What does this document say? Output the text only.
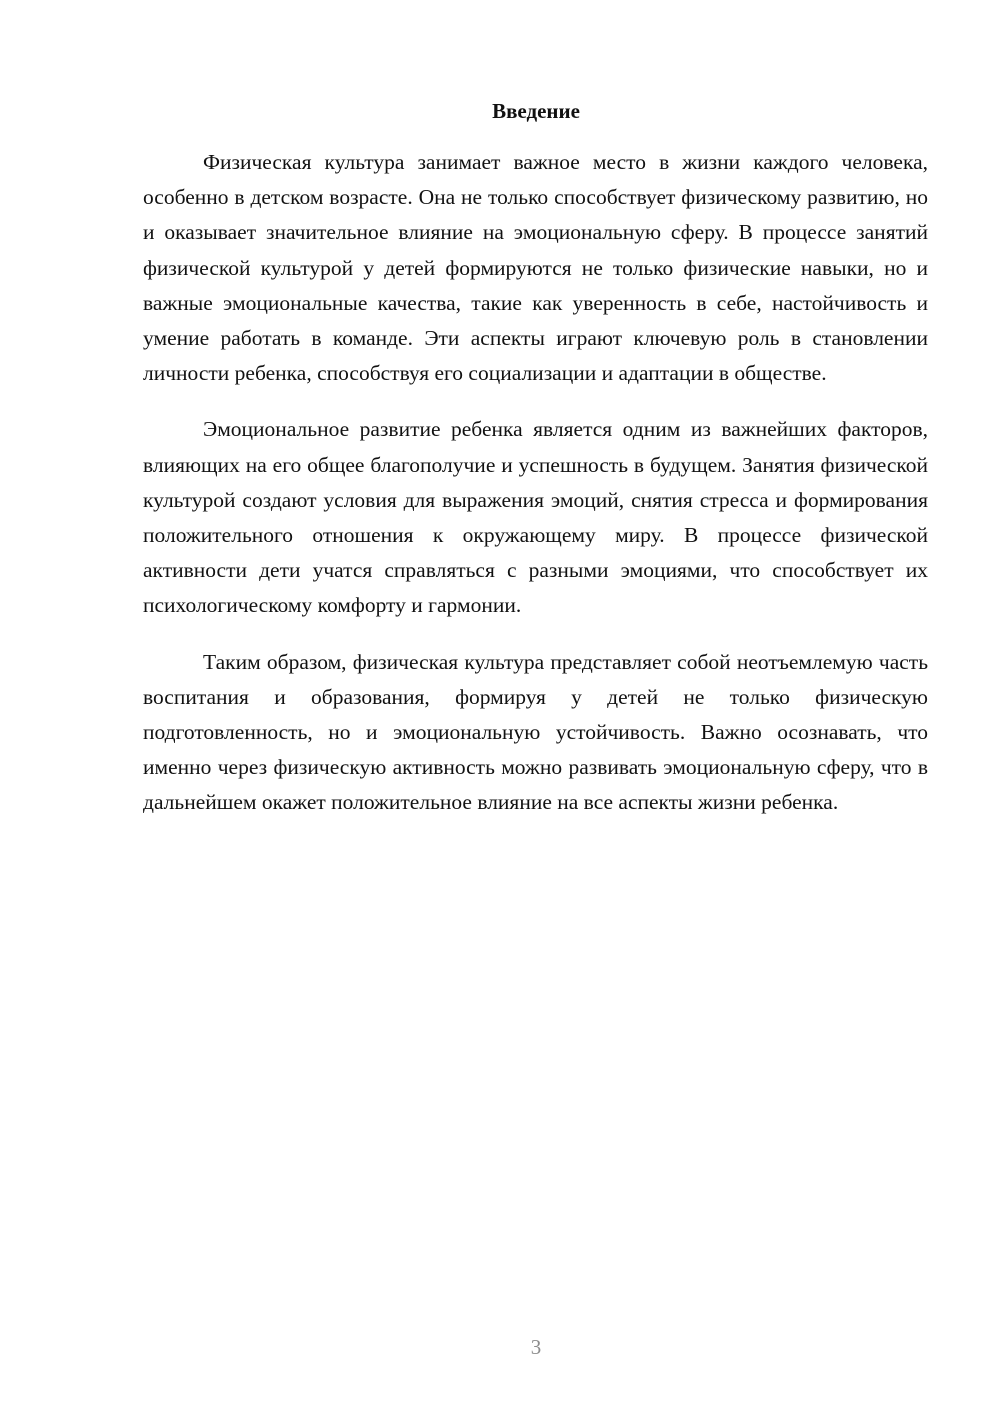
Введение

Физическая культура занимает важное место в жизни каждого человека, особенно в детском возрасте. Она не только способствует физическому развитию, но и оказывает значительное влияние на эмоциональную сферу. В процессе занятий физической культурой у детей формируются не только физические навыки, но и важные эмоциональные качества, такие как уверенность в себе, настойчивость и умение работать в команде. Эти аспекты играют ключевую роль в становлении личности ребенка, способствуя его социализации и адаптации в обществе.

Эмоциональное развитие ребенка является одним из важнейших факторов, влияющих на его общее благополучие и успешность в будущем. Занятия физической культурой создают условия для выражения эмоций, снятия стресса и формирования положительного отношения к окружающему миру. В процессе физической активности дети учатся справляться с разными эмоциями, что способствует их психологическому комфорту и гармонии.

Таким образом, физическая культура представляет собой неотъемлемую часть воспитания и образования, формируя у детей не только физическую подготовленность, но и эмоциональную устойчивость. Важно осознавать, что именно через физическую активность можно развивать эмоциональную сферу, что в дальнейшем окажет положительное влияние на все аспекты жизни ребенка.

3
